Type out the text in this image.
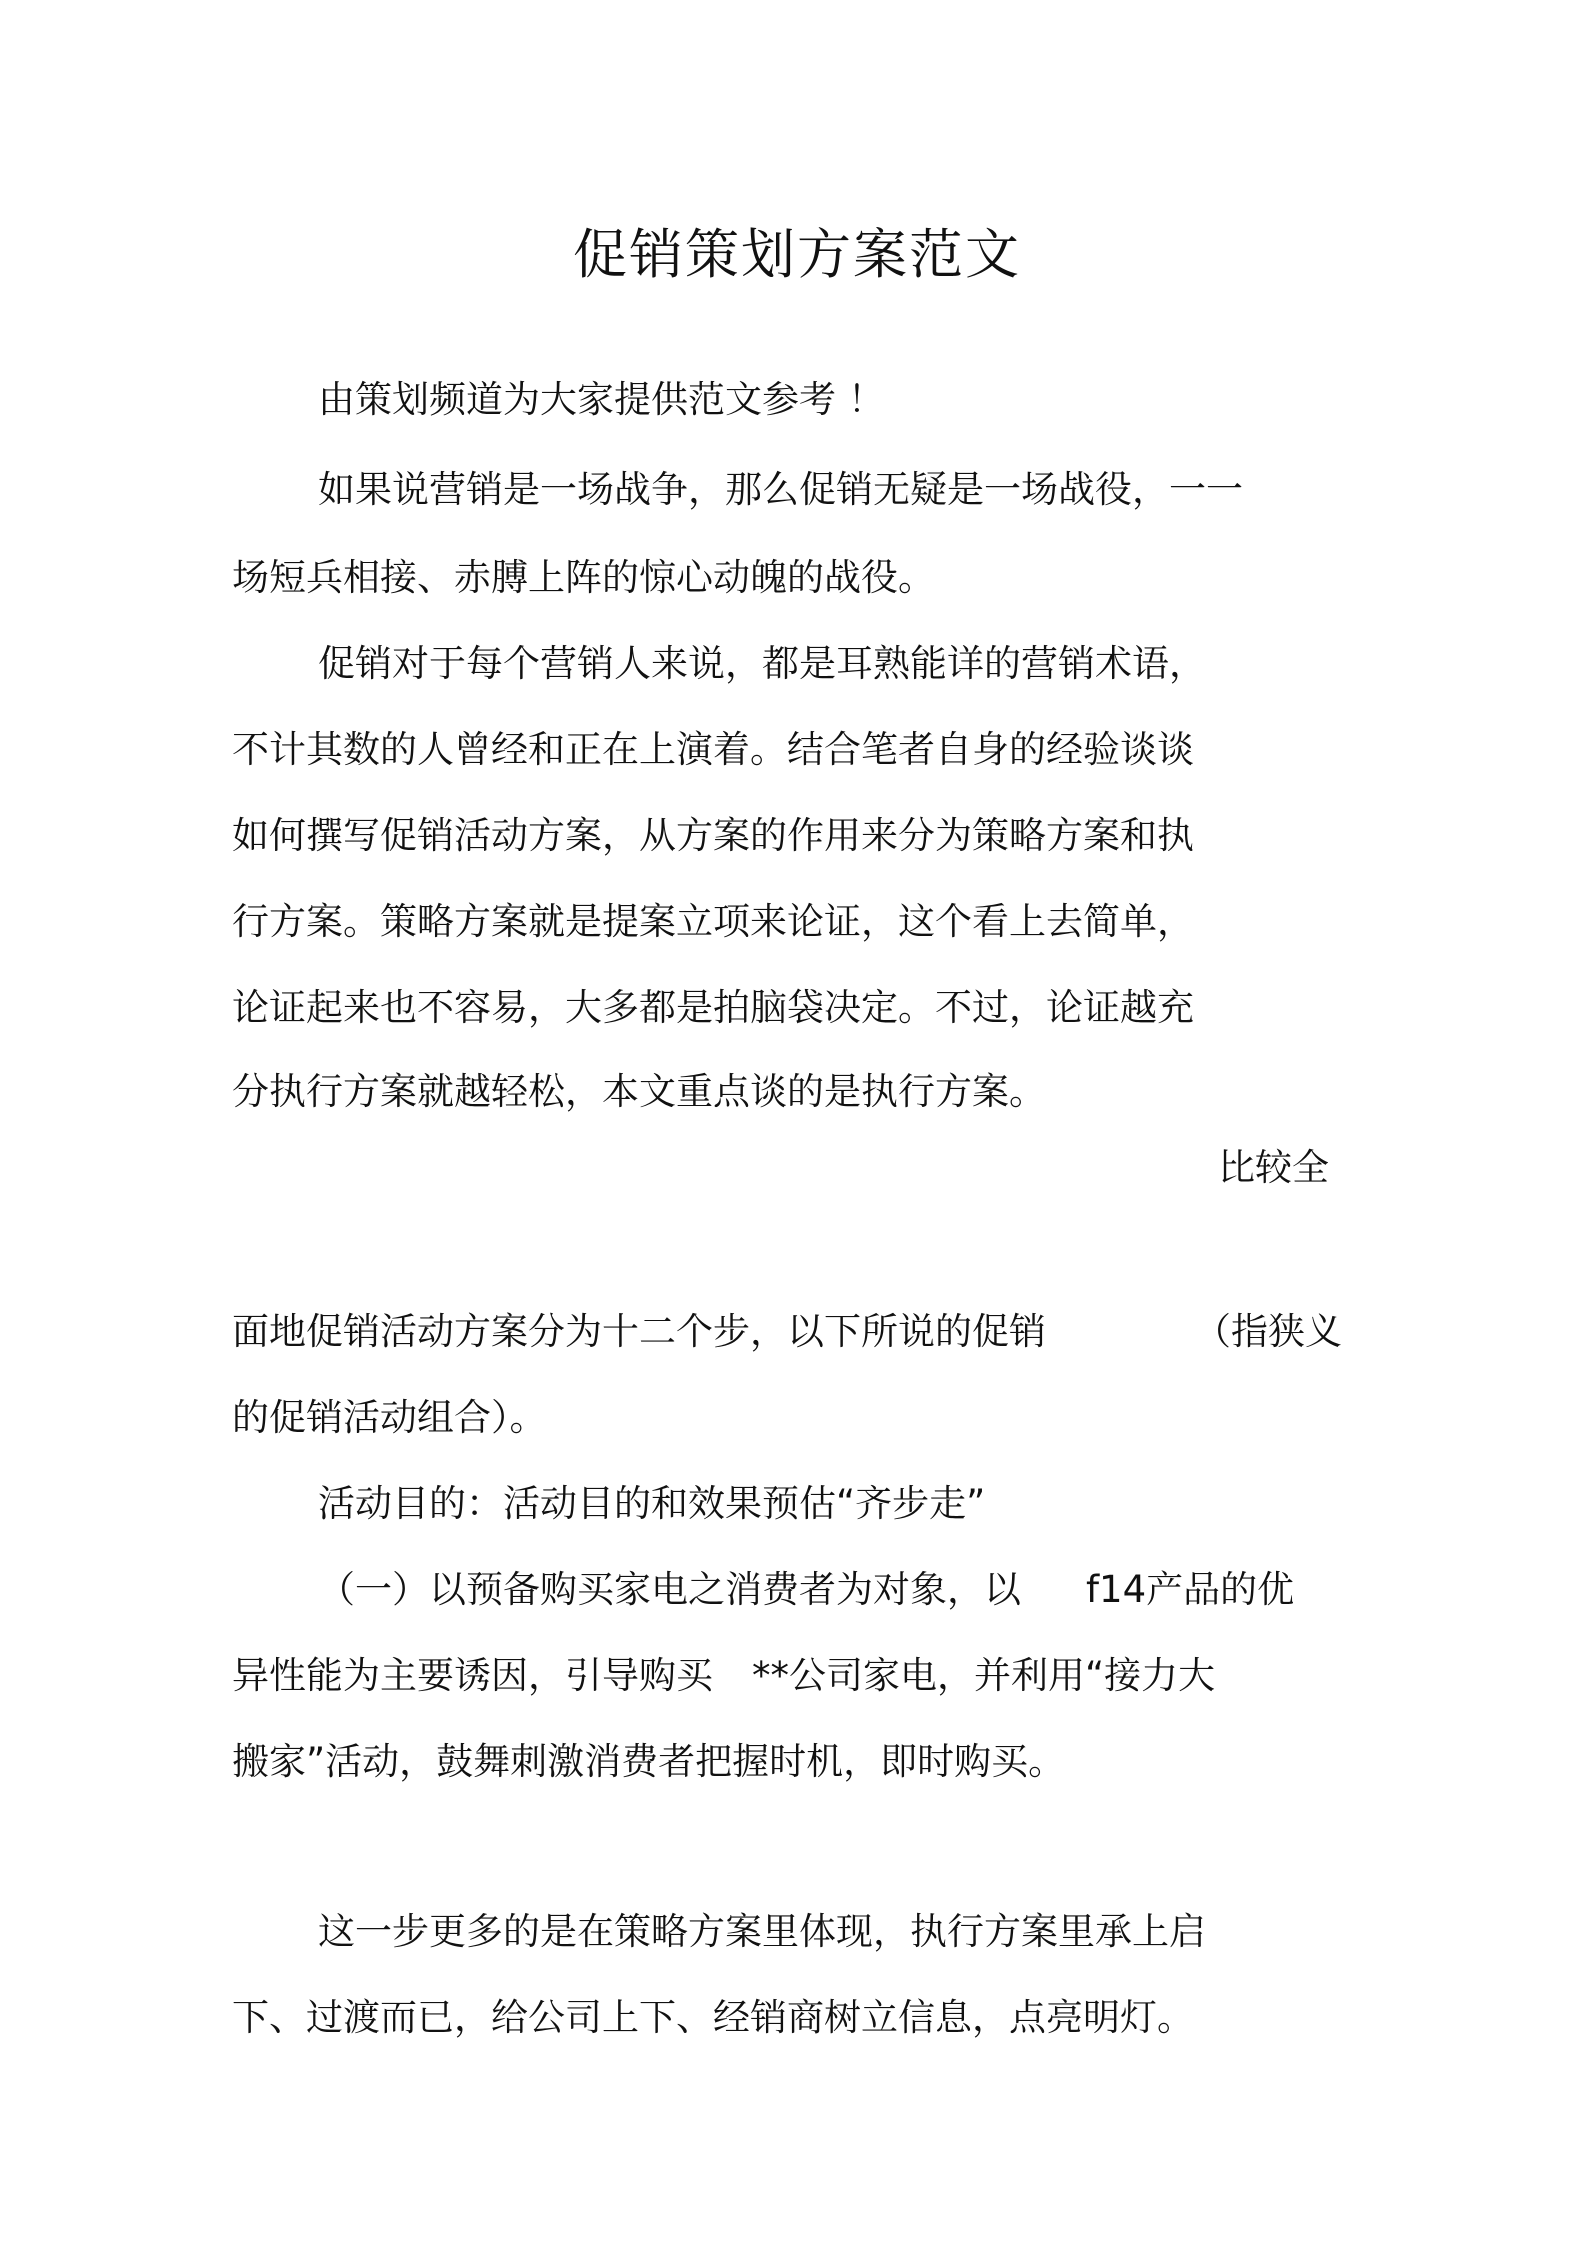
促销策划方案范文

由策划频道为大家提供范文参考 ！

如果说营销是一场战争，那么促销无疑是一场战役，一一

场短兵相接、赤膊上阵的惊心动魄的战役。

促销对于每个营销人来说，都是耳熟能详的营销术语，

不计其数的人曾经和正在上演着。结合笔者自身的经验谈谈

如何撰写促销活动方案，从方案的作用来分为策略方案和执

行方案。策略方案就是提案立项来论证，这个看上去简单，

论证起来也不容易，大多都是拍脑袋决定。不过，论证越充

分执行方案就越轻松，本文重点谈的是执行方案。

比较全

面地促销活动方案分为十二个步，以下所说的促销	（指狭义

的促销活动组合）。

活动目的：活动目的和效果预估“齐步走”

（一）以预备购买家电之消费者为对象，以 f14产品的优

异性能为主要诱因，引导购买 **公司家电，并利用“接力大

搬家”活动，鼓舞刺激消费者把握时机，即时购买。

这一步更多的是在策略方案里体现，执行方案里承上启

下、过渡而已，给公司上下、经销商树立信息，点亮明灯。
